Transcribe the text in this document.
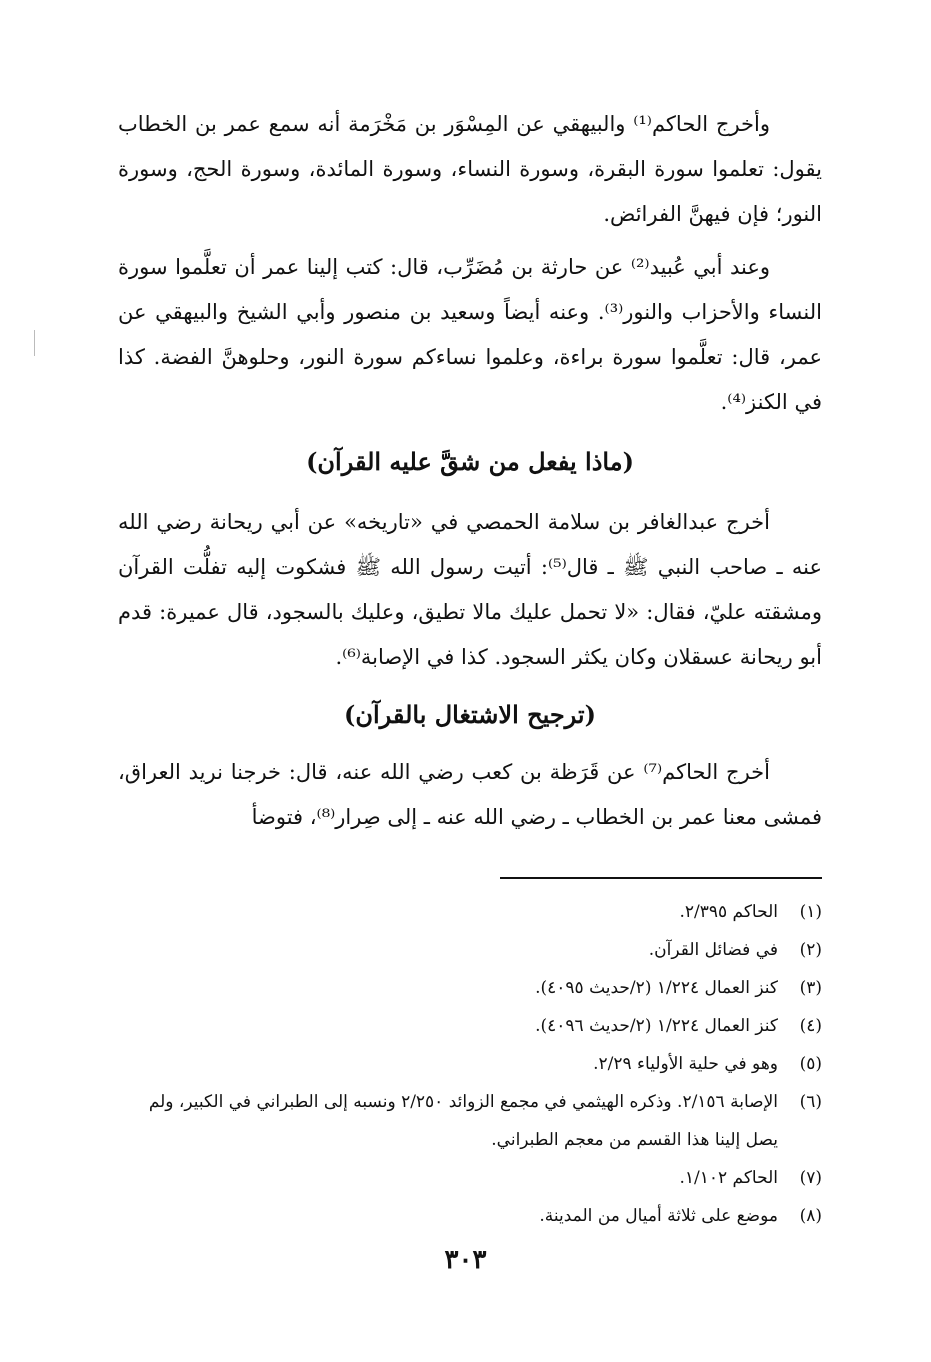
وأخرج الحاكم⁽¹⁾ والبيهقي عن المِسْوَر بن مَخْرَمة أنه سمع عمر بن الخطاب يقول: تعلموا سورة البقرة، وسورة النساء، وسورة المائدة، وسورة الحج، وسورة النور؛ فإن فيهنَّ الفرائض.

وعند أبي عُبيد⁽²⁾ عن حارثة بن مُضَرِّب، قال: كتب إلينا عمر أن تعلَّموا سورة النساء والأحزاب والنور⁽³⁾. وعنه أيضاً وسعيد بن منصور وأبي الشيخ والبيهقي عن عمر، قال: تعلَّموا سورة براءة، وعلموا نساءكم سورة النور، وحلوهنَّ الفضة. كذا في الكنز⁽⁴⁾.

(ماذا يفعل من شقَّ عليه القرآن)

أخرج عبدالغافر بن سلامة الحمصي في «تاريخه» عن أبي ريحانة رضي الله عنه ـ صاحب النبي ﷺ ـ قال⁽⁵⁾: أتيت رسول الله ﷺ فشكوت إليه تفلُّت القرآن ومشقته عليّ، فقال: «لا تحمل عليك مالا تطيق، وعليك بالسجود، قال عميرة: قدم أبو ريحانة عسقلان وكان يكثر السجود. كذا في الإصابة⁽⁶⁾.

(ترجيح الاشتغال بالقرآن)

أخرج الحاكم⁽⁷⁾ عن قَرَظة بن كعب رضي الله عنه، قال: خرجنا نريد العراق، فمشى معنا عمر بن الخطاب ـ رضي الله عنه ـ إلى صِرار⁽⁸⁾، فتوضأ

(١)
الحاكم ٢/٣٩٥.
(٢)
في فضائل القرآن.
(٣)
كنز العمال ١/٢٢٤ (٢/حديث ٤٠٩٥).
(٤)
كنز العمال ١/٢٢٤ (٢/حديث ٤٠٩٦).
(٥)
وهو في حلية الأولياء ٢/٢٩.
(٦)
الإصابة ٢/١٥٦. وذكره الهيثمي في مجمع الزوائد ٢/٢٥٠ ونسبه إلى الطبراني في الكبير، ولم يصل إلينا هذا القسم من معجم الطبراني.
(٧)
الحاكم ١/١٠٢.
(٨)
موضع على ثلاثة أميال من المدينة.
٣٠٣
